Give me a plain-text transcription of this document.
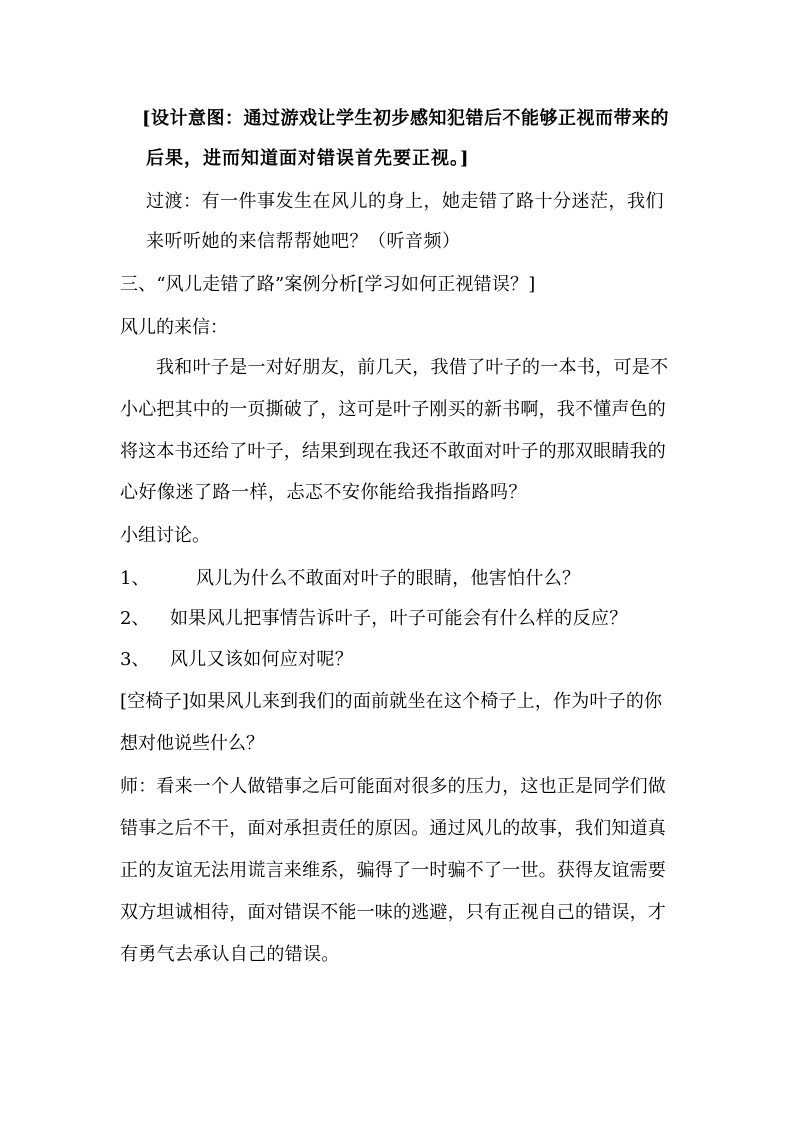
[设计意图：通过游戏让学生初步感知犯错后不能够正视而带来的
后果，进而知道面对错误首先要正视。]
过渡：有一件事发生在风儿的身上，她走错了路十分迷茫，我们
来听听她的来信帮帮她吧？（听音频）
三、“风儿走错了路”案例分析[学习如何正视错误？]
风儿的来信：
我和叶子是一对好朋友，前几天，我借了叶子的一本书，可是不
小心把其中的一页撕破了，这可是叶子刚买的新书啊，我不懂声色的
将这本书还给了叶子，结果到现在我还不敢面对叶子的那双眼睛我的
心好像迷了路一样，忐忑不安你能给我指指路吗？
小组讨论。
1、	风儿为什么不敢面对叶子的眼睛，他害怕什么？
2、 如果风儿把事情告诉叶子，叶子可能会有什么样的反应？
3、 风儿又该如何应对呢？
[空椅子]如果风儿来到我们的面前就坐在这个椅子上，作为叶子的你
想对他说些什么？
师：看来一个人做错事之后可能面对很多的压力，这也正是同学们做
错事之后不干，面对承担责任的原因。通过风儿的故事，我们知道真
正的友谊无法用谎言来维系，骗得了一时骗不了一世。获得友谊需要
双方坦诚相待，面对错误不能一味的逃避，只有正视自己的错误，才
有勇气去承认自己的错误。
